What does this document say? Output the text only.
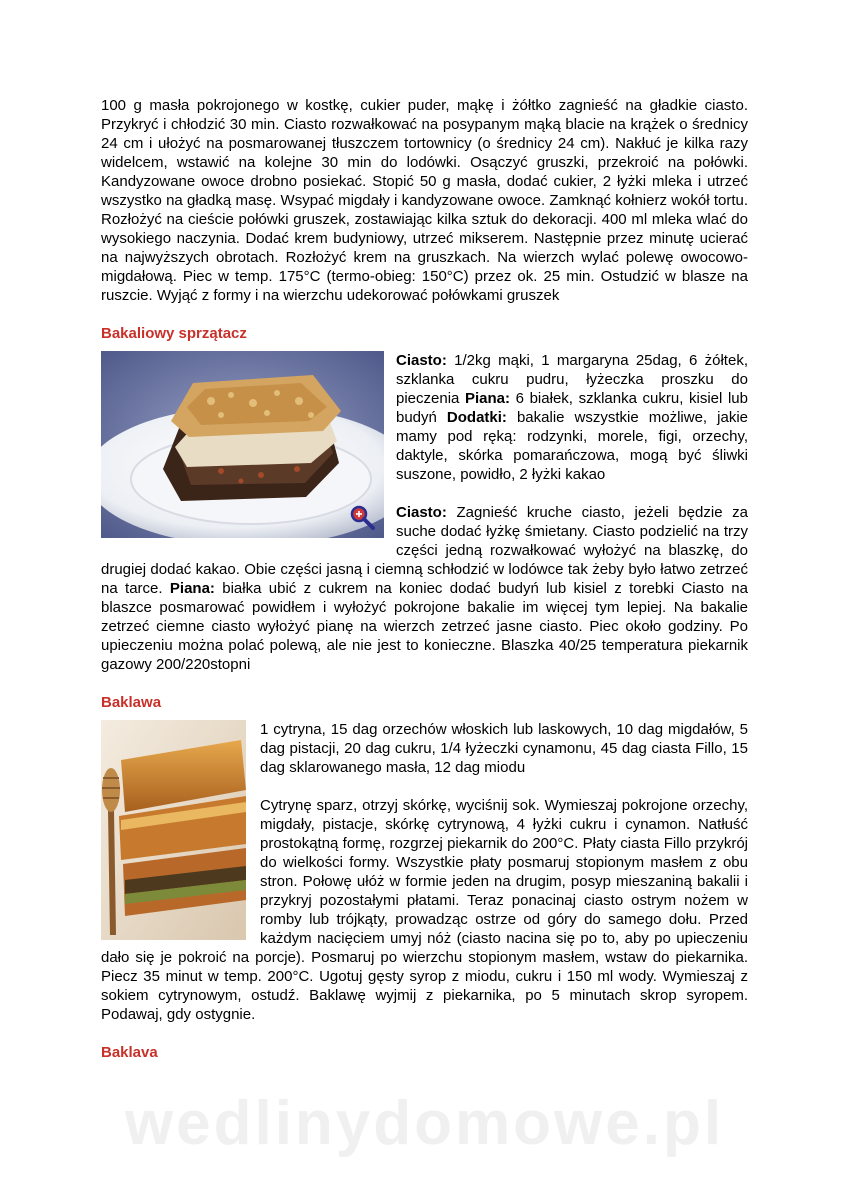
wedlinydomowe.pl

100 g masła pokrojonego w kostkę, cukier puder, mąkę i żółtko zagnieść na gładkie ciasto. Przykryć i chłodzić 30 min. Ciasto rozwałkować na posypanym mąką blacie na krążek o średnicy 24 cm i ułożyć na posmarowanej tłuszczem tortownicy (o średnicy 24 cm). Nakłuć je kilka razy widelcem, wstawić na kolejne 30 min do lodówki. Osączyć gruszki, przekroić na połówki. Kandyzowane owoce drobno posiekać. Stopić 50 g masła, dodać cukier, 2 łyżki mleka i utrzeć wszystko na gładką masę. Wsypać migdały i kandyzowane owoce. Zamknąć kołnierz wokół tortu. Rozłożyć na cieście połówki gruszek, zostawiając kilka sztuk do dekoracji. 400 ml mleka wlać do wysokiego naczynia. Dodać krem budyniowy, utrzeć mikserem. Następnie przez minutę ucierać na najwyższych obrotach. Rozłożyć krem na gruszkach. Na wierzch wylać polewę owocowo-migdałową. Piec w temp. 175°C (termo-obieg: 150°C) przez ok. 25 min. Ostudzić w blasze na ruszcie. Wyjąć z formy i na wierzchu udekorować połówkami gruszek

Bakaliowy sprzątacz

Ciasto: 1/2kg mąki, 1 margaryna 25dag, 6 żółtek, szklanka cukru pudru, łyżeczka proszku do pieczenia Piana: 6 białek, szklanka cukru, kisiel lub budyń Dodatki: bakalie wszystkie możliwe, jakie mamy pod ręką: rodzynki, morele, figi, orzechy, daktyle, skórka pomarańczowa, mogą być śliwki suszone, powidło, 2 łyżki kakao

Ciasto: Zagnieść kruche ciasto, jeżeli będzie za suche dodać łyżkę śmietany. Ciasto podzielić na trzy części jedną rozwałkować wyłożyć na blaszkę, do drugiej dodać kakao. Obie części jasną i ciemną schłodzić w lodówce tak żeby było łatwo zetrzeć na tarce. Piana: białka ubić z cukrem na koniec dodać budyń lub kisiel z torebki Ciasto na blaszce posmarować powidłem i wyłożyć pokrojone bakalie im więcej tym lepiej. Na bakalie zetrzeć ciemne ciasto wyłożyć pianę na wierzch zetrzeć jasne ciasto. Piec około godziny. Po upieczeniu można polać polewą, ale nie jest to konieczne. Blaszka 40/25 temperatura piekarnik gazowy 200/220stopni

Baklawa

1 cytryna, 15 dag orzechów włoskich lub laskowych, 10 dag migdałów, 5 dag pistacji, 20 dag cukru, 1/4 łyżeczki cynamonu, 45 dag ciasta Fillo, 15 dag sklarowanego masła, 12 dag miodu

Cytrynę sparz, otrzyj skórkę, wyciśnij sok. Wymieszaj pokrojone orzechy, migdały, pistacje, skórkę cytrynową, 4 łyżki cukru i cynamon. Natłuść prostokątną formę, rozgrzej piekarnik do 200°C. Płaty ciasta Fillo przykrój do wielkości formy. Wszystkie płaty posmaruj stopionym masłem z obu stron. Połowę ułóż w formie jeden na drugim, posyp mieszaniną bakalii i przykryj pozostałymi płatami. Teraz ponacinaj ciasto ostrym nożem w romby lub trójkąty, prowadząc ostrze od góry do samego dołu. Przed każdym nacięciem umyj nóż (ciasto nacina się po to, aby po upieczeniu dało się je pokroić na porcje). Posmaruj po wierzchu stopionym masłem, wstaw do piekarnika. Piecz 35 minut w temp. 200°C. Ugotuj gęsty syrop z miodu, cukru i 150 ml wody. Wymieszaj z sokiem cytrynowym, ostudź. Baklawę wyjmij z piekarnika, po 5 minutach skrop syropem. Podawaj, gdy ostygnie.

Baklava
